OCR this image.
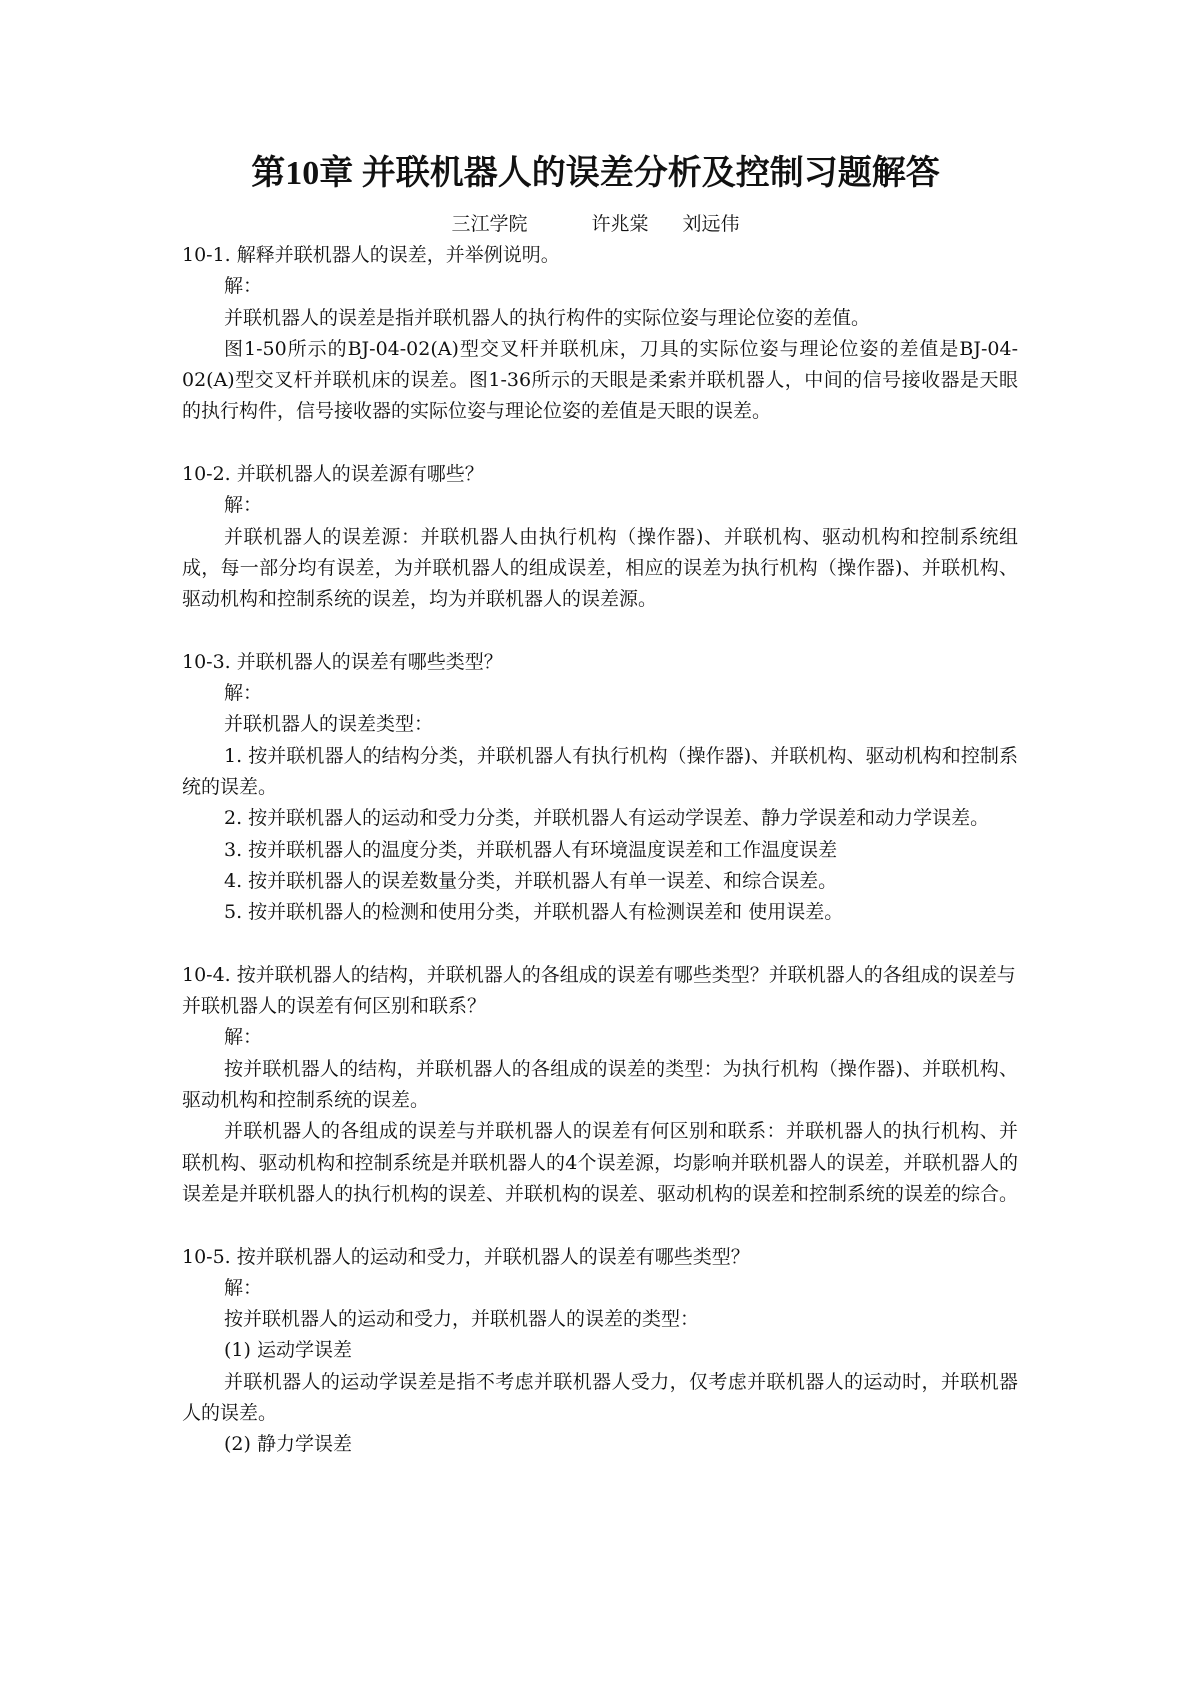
第10章 并联机器人的误差分析及控制习题解答
三江学院	许兆棠 刘远伟

10-1. 解释并联机器人的误差，并举例说明。

解：

并联机器人的误差是指并联机器人的执行构件的实际位姿与理论位姿的差值。

图1-50所示的BJ-04-02(A)型交叉杆并联机床，刀具的实际位姿与理论位姿的差值是BJ-04-02(A)型交叉杆并联机床的误差。图1-36所示的天眼是柔索并联机器人，中间的信号接收器是天眼的执行构件，信号接收器的实际位姿与理论位姿的差值是天眼的误差。

10-2. 并联机器人的误差源有哪些？

解：

并联机器人的误差源：并联机器人由执行机构（操作器)、并联机构、驱动机构和控制系统组成，每一部分均有误差，为并联机器人的组成误差，相应的误差为执行机构（操作器)、并联机构、驱动机构和控制系统的误差，均为并联机器人的误差源。

10-3. 并联机器人的误差有哪些类型？

解：

并联机器人的误差类型：

1. 按并联机器人的结构分类，并联机器人有执行机构（操作器)、并联机构、驱动机构和控制系统的误差。

2. 按并联机器人的运动和受力分类，并联机器人有运动学误差、静力学误差和动力学误差。

3. 按并联机器人的温度分类，并联机器人有环境温度误差和工作温度误差

4. 按并联机器人的误差数量分类，并联机器人有单一误差、和综合误差。

5. 按并联机器人的检测和使用分类，并联机器人有检测误差和 使用误差。

10-4. 按并联机器人的结构，并联机器人的各组成的误差有哪些类型？并联机器人的各组成的误差与并联机器人的误差有何区别和联系？

解：

按并联机器人的结构，并联机器人的各组成的误差的类型：为执行机构（操作器)、并联机构、驱动机构和控制系统的误差。

并联机器人的各组成的误差与并联机器人的误差有何区别和联系：并联机器人的执行机构、并联机构、驱动机构和控制系统是并联机器人的4个误差源，均影响并联机器人的误差，并联机器人的误差是并联机器人的执行机构的误差、并联机构的误差、驱动机构的误差和控制系统的误差的综合。

10-5. 按并联机器人的运动和受力，并联机器人的误差有哪些类型？

解：

按并联机器人的运动和受力，并联机器人的误差的类型：

(1) 运动学误差

并联机器人的运动学误差是指不考虑并联机器人受力，仅考虑并联机器人的运动时，并联机器人的误差。

(2) 静力学误差
